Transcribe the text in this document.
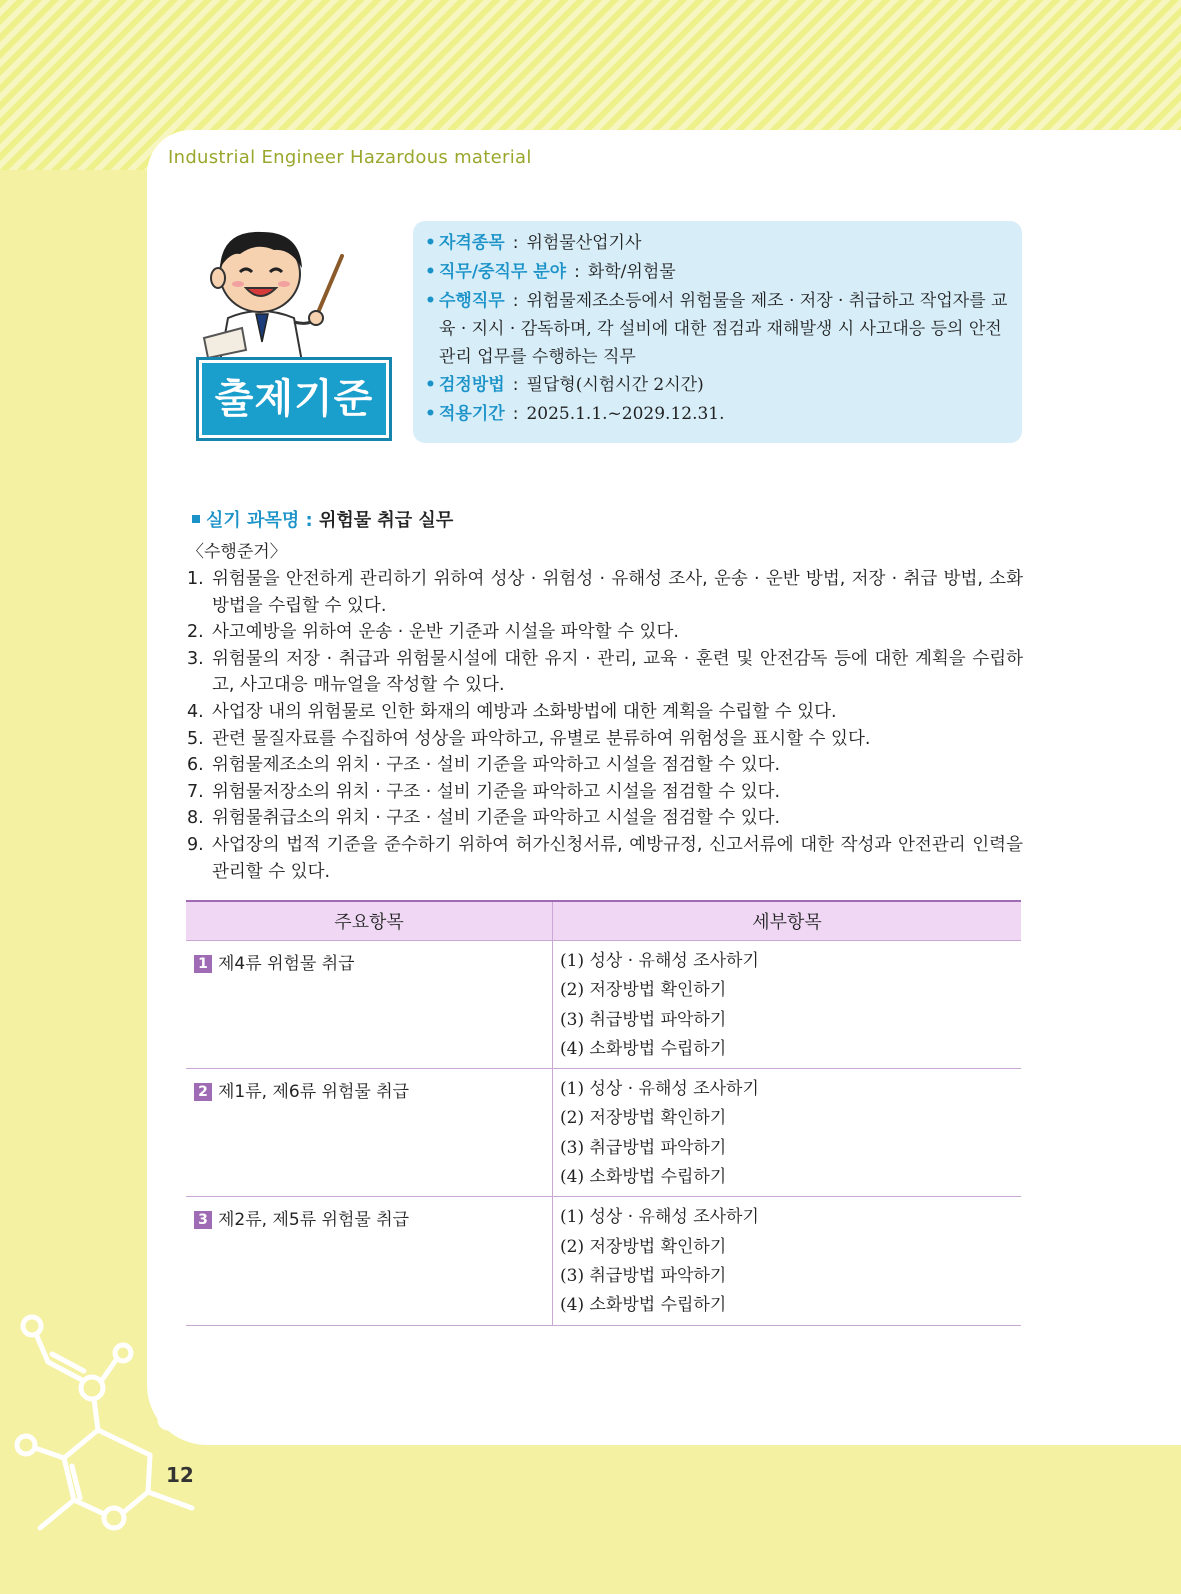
Industrial Engineer Hazardous material
출제기준
• 자격종목 : 위험물산업기사
• 직무/중직무 분야 : 화학/위험물
• 수행직무 : 위험물제조소등에서 위험물을 제조 · 저장 · 취급하고 작업자를 교육 · 지시 · 감독하며, 각 설비에 대한 점검과 재해발생 시 사고대응 등의 안전관리 업무를 수행하는 직무
• 검정방법 : 필답형(시험시간 2시간)
• 적용기간 : 2025.1.1.~2029.12.31.
실기 과목명 : 위험물 취급 실무
〈수행준거〉
1. 위험물을 안전하게 관리하기 위하여 성상 · 위험성 · 유해성 조사, 운송 · 운반 방법, 저장 · 취급 방법, 소화방법을 수립할 수 있다.
2. 사고예방을 위하여 운송 · 운반 기준과 시설을 파악할 수 있다.
3. 위험물의 저장 · 취급과 위험물시설에 대한 유지 · 관리, 교육 · 훈련 및 안전감독 등에 대한 계획을 수립하고, 사고대응 매뉴얼을 작성할 수 있다.
4. 사업장 내의 위험물로 인한 화재의 예방과 소화방법에 대한 계획을 수립할 수 있다.
5. 관련 물질자료를 수집하여 성상을 파악하고, 유별로 분류하여 위험성을 표시할 수 있다.
6. 위험물제조소의 위치 · 구조 · 설비 기준을 파악하고 시설을 점검할 수 있다.
7. 위험물저장소의 위치 · 구조 · 설비 기준을 파악하고 시설을 점검할 수 있다.
8. 위험물취급소의 위치 · 구조 · 설비 기준을 파악하고 시설을 점검할 수 있다.
9. 사업장의 법적 기준을 준수하기 위하여 허가신청서류, 예방규정, 신고서류에 대한 작성과 안전관리 인력을 관리할 수 있다.
주요항목	세부항목
1 제4류 위험물 취급	(1) 성상 · 유해성 조사하기
(2) 저장방법 확인하기
(3) 취급방법 파악하기
(4) 소화방법 수립하기

2 제1류, 제6류 위험물 취급	(1) 성상 · 유해성 조사하기
(2) 저장방법 확인하기
(3) 취급방법 파악하기
(4) 소화방법 수립하기

3 제2류, 제5류 위험물 취급	(1) 성상 · 유해성 조사하기
(2) 저장방법 확인하기
(3) 취급방법 파악하기
(4) 소화방법 수립하기
12
